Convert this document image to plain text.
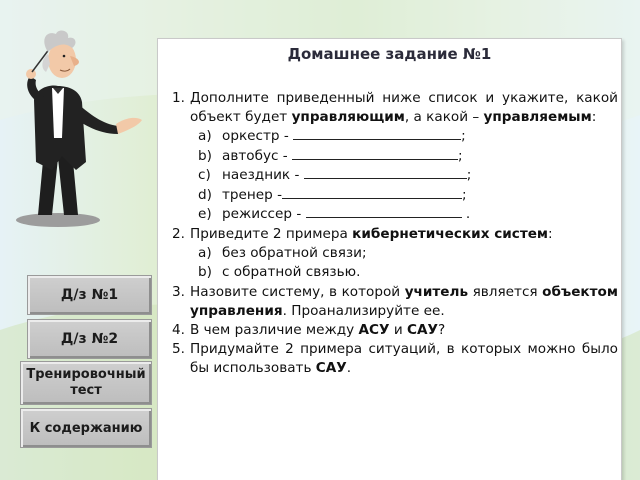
Домашнее задание №1
1. Дополните приведенный ниже список и укажите, какой объект будет управляющим, а какой – управляемым:
a) оркестр -	;
b) автобус -	;
c) наездник -	;
d) тренер -	;
e) режиссер -	.
2. Приведите 2 примера кибернетических систем:
a) без обратной связи;
b) с обратной связью.
3. Назовите систему, в которой учитель является объектом управления. Проанализируйте ее.
4. В чем различие между АСУ и САУ?
5. Придумайте 2 примера ситуаций, в которых можно было бы использовать САУ.
Д/з №1
Д/з №2
Тренировочный
тест
К содержанию
